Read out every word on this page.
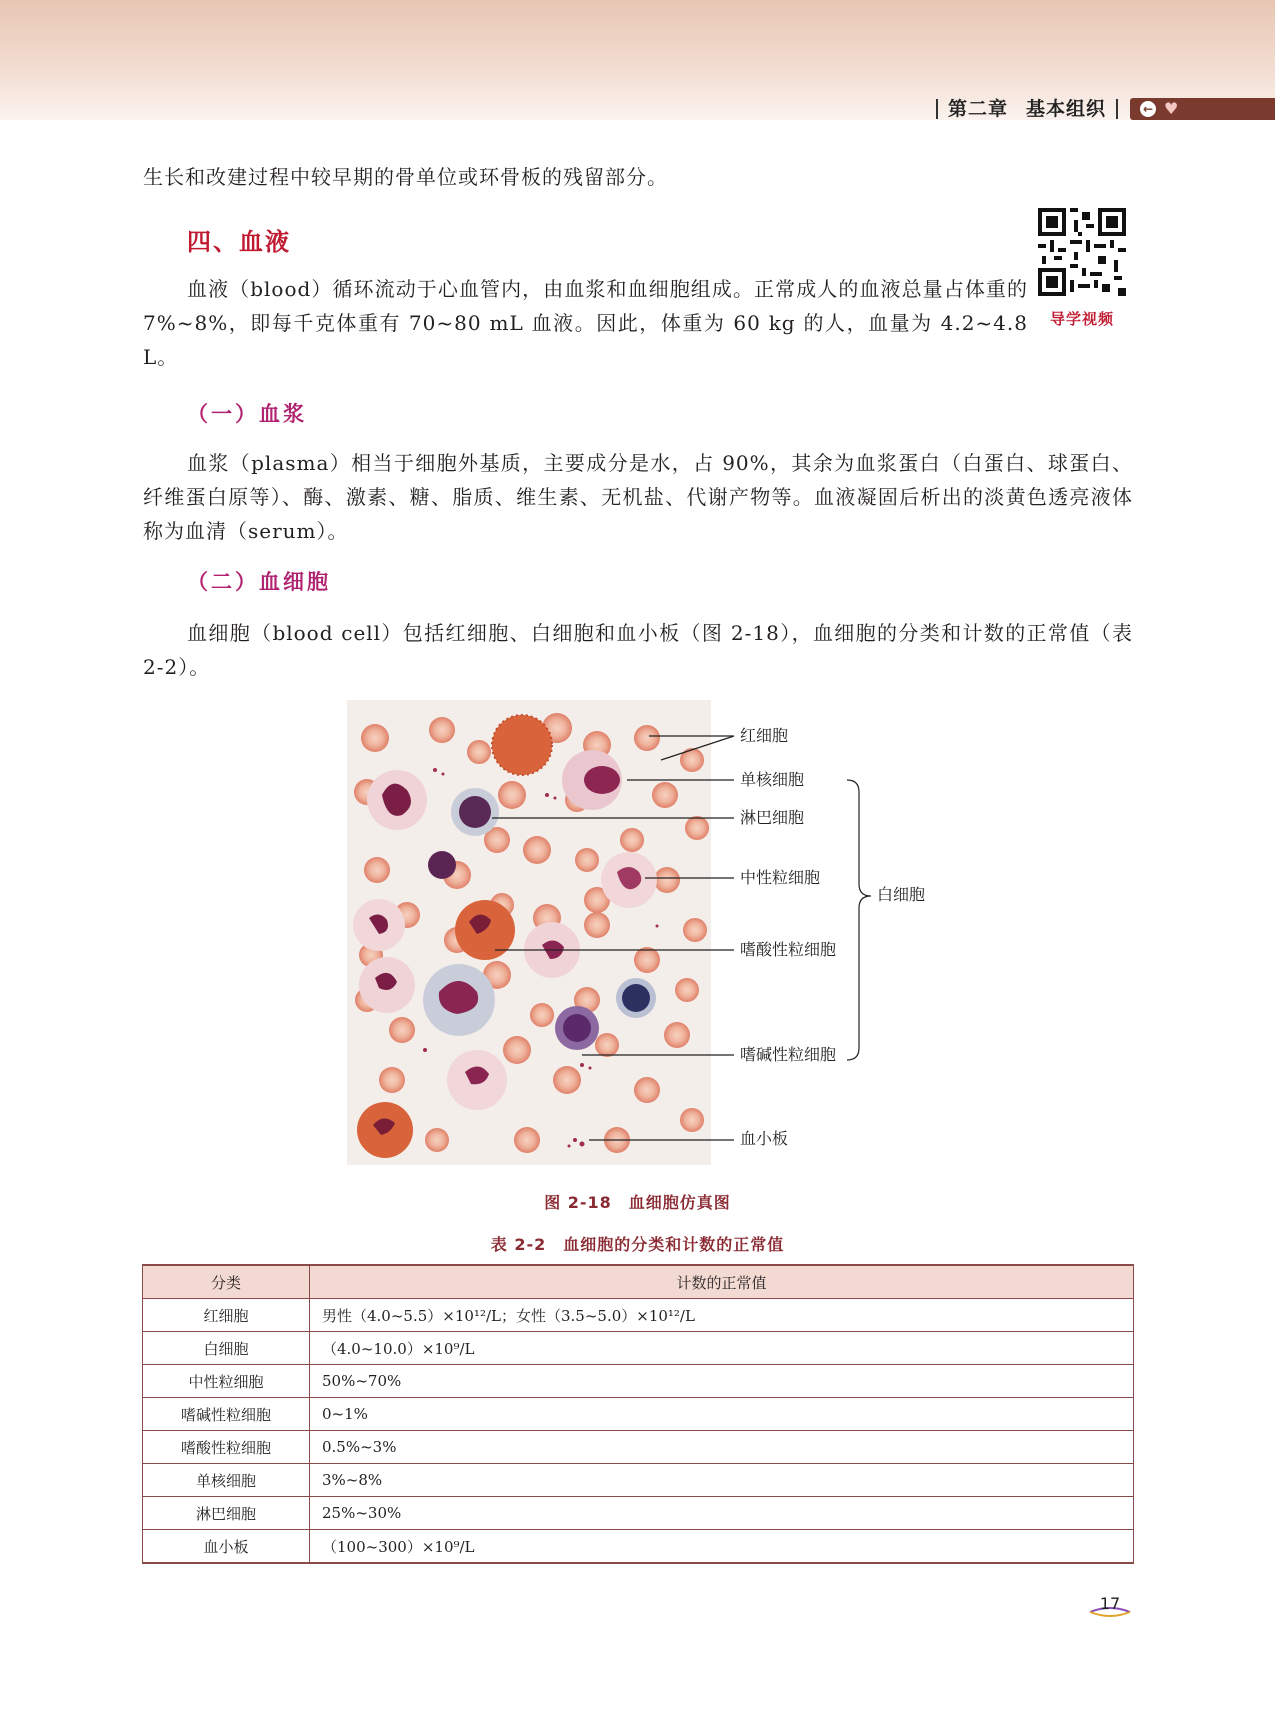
第二章 基本组织	← ♥

生长和改建过程中较早期的骨单位或环骨板的残留部分。

四、血液
导学视频

血液（blood）循环流动于心血管内，由血浆和血细胞组成。正常成人的血液总量占体重的 7%~8%，即每千克体重有 70~80 mL 血液。因此，体重为 60 kg 的人，血量为 4.2~4.8 L。

（一）血浆

血浆（plasma）相当于细胞外基质，主要成分是水，占 90%，其余为血浆蛋白（白蛋白、球蛋白、纤维蛋白原等）、酶、激素、糖、脂质、维生素、无机盐、代谢产物等。血液凝固后析出的淡黄色透亮液体称为血清（serum）。

（二）血细胞

血细胞（blood cell）包括红细胞、白细胞和血小板（图 2-18），血细胞的分类和计数的正常值（表 2-2）。

红细胞
单核细胞
淋巴细胞
中性粒细胞
嗜酸性粒细胞
嗜碱性粒细胞
血小板
白细胞
图 2-18　血细胞仿真图
表 2-2　血细胞的分类和计数的正常值
分类	计数的正常值
红细胞	男性（4.0~5.5）×10¹²/L；女性（3.5~5.0）×10¹²/L
白细胞	（4.0~10.0）×10⁹/L
中性粒细胞	50%~70%
嗜碱性粒细胞	0~1%
嗜酸性粒细胞	0.5%~3%
单核细胞	3%~8%
淋巴细胞	25%~30%
血小板	（100~300）×10⁹/L
17
